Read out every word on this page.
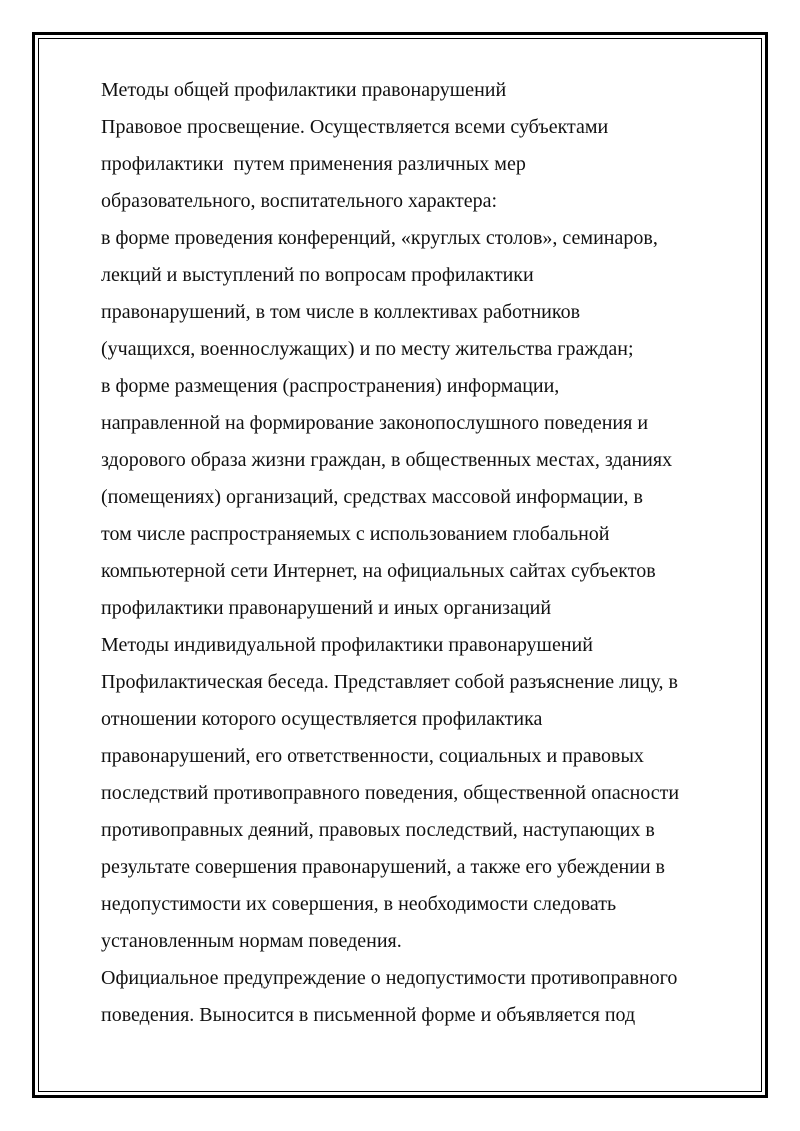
Методы общей профилактики правонарушений
Правовое просвещение. Осуществляется всеми субъектами
профилактики  путем применения различных мер
образовательного, воспитательного характера:
в форме проведения конференций, «круглых столов», семинаров,
лекций и выступлений по вопросам профилактики
правонарушений, в том числе в коллективах работников
(учащихся, военнослужащих) и по месту жительства граждан;
в форме размещения (распространения) информации,
направленной на формирование законопослушного поведения и
здорового образа жизни граждан, в общественных местах, зданиях
(помещениях) организаций, средствах массовой информации, в
том числе распространяемых с использованием глобальной
компьютерной сети Интернет, на официальных сайтах субъектов
профилактики правонарушений и иных организаций
Методы индивидуальной профилактики правонарушений
Профилактическая беседа. Представляет собой разъяснение лицу, в
отношении которого осуществляется профилактика
правонарушений, его ответственности, социальных и правовых
последствий противоправного поведения, общественной опасности
противоправных деяний, правовых последствий, наступающих в
результате совершения правонарушений, а также его убеждении в
недопустимости их совершения, в необходимости следовать
установленным нормам поведения.
Официальное предупреждение о недопустимости противоправного
поведения. Выносится в письменной форме и объявляется под
